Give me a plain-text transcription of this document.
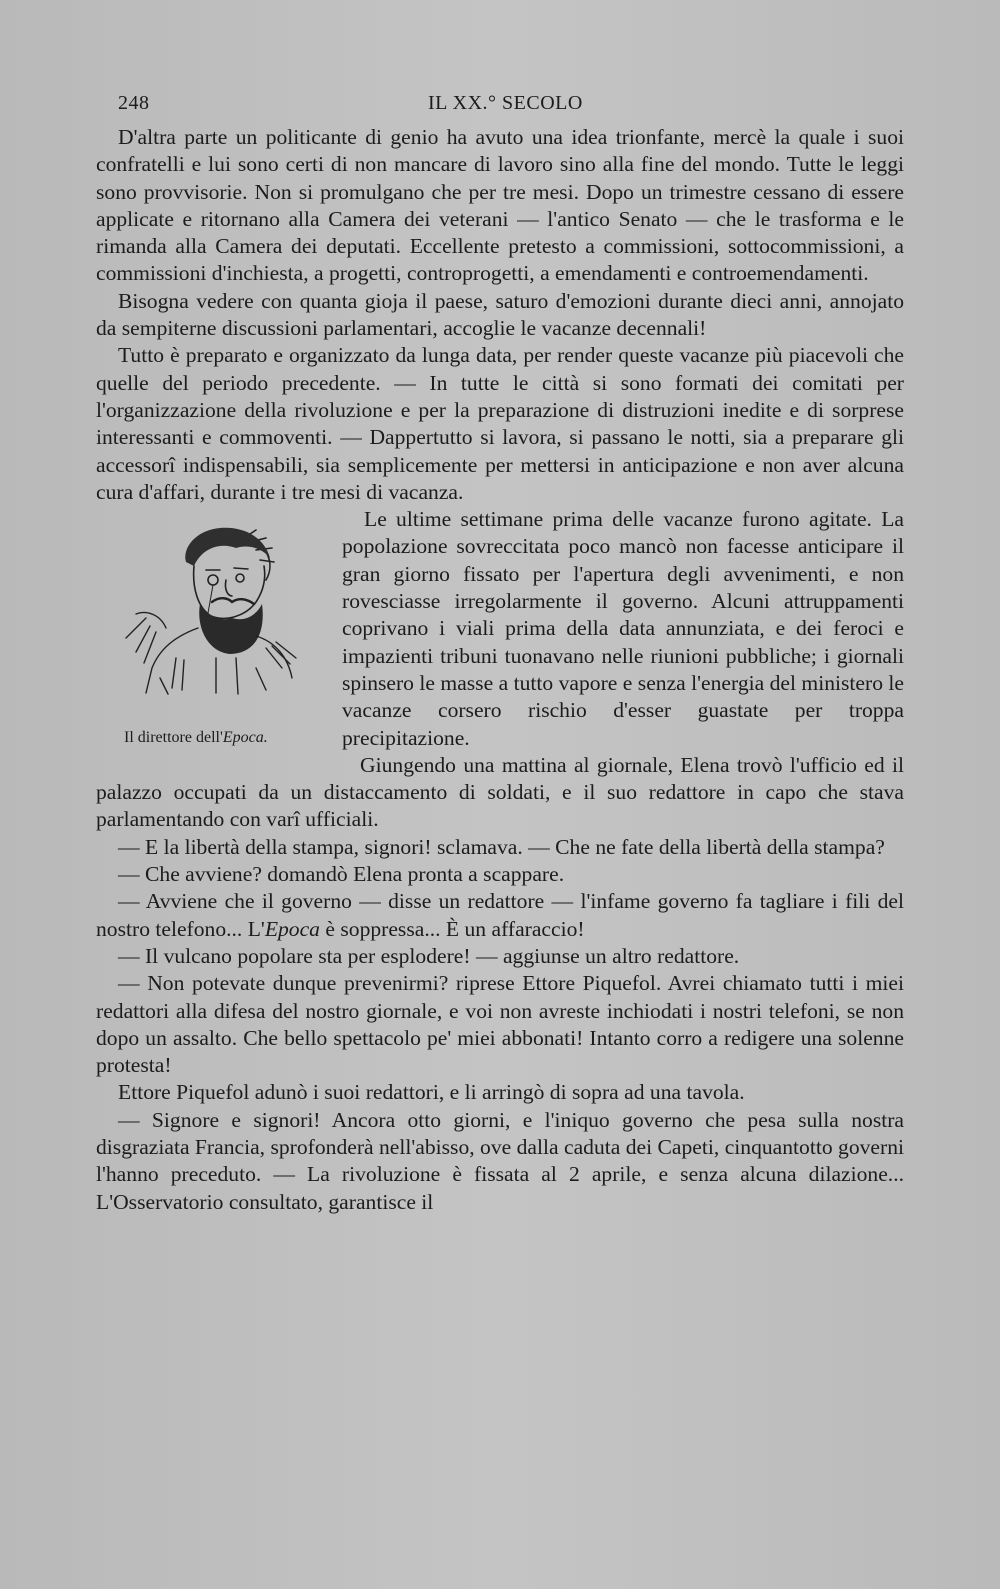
248	IL XX.° SECOLO

D'altra parte un politicante di genio ha avuto una idea trionfante, mercè la quale i suoi confratelli e lui sono certi di non mancare di lavoro sino alla fine del mondo. Tutte le leggi sono provvisorie. Non si promulgano che per tre mesi. Dopo un trimestre cessano di essere applicate e ritornano alla Camera dei veterani — l'antico Senato — che le trasforma e le rimanda alla Camera dei deputati. Eccellente pretesto a commissioni, sottocommissioni, a commissioni d'inchiesta, a progetti, controprogetti, a emendamenti e controemendamenti.

Bisogna vedere con quanta gioja il paese, saturo d'emozioni durante dieci anni, annojato da sempiterne discussioni parlamentari, accoglie le vacanze decennali!

Tutto è preparato e organizzato da lunga data, per render queste vacanze più piacevoli che quelle del periodo precedente. — In tutte le città si sono formati dei comitati per l'organizzazione della rivoluzione e per la preparazione di distruzioni inedite e di sorprese interessanti e commoventi. — Dappertutto si lavora, si passano le notti, sia a preparare gli accessorî indispensabili, sia semplicemente per mettersi in anticipazione e non aver alcuna cura d'affari, durante i tre mesi di vacanza.

Il direttore dell'Epoca.

Le ultime settimane prima delle vacanze furono agitate. La popolazione sovreccitata poco mancò non facesse anticipare il gran giorno fissato per l'apertura degli avvenimenti, e non rovesciasse irregolarmente il governo. Alcuni attruppamenti coprivano i viali prima della data annunziata, e dei feroci e impazienti tribuni tuonavano nelle riunioni pubbliche; i giornali spinsero le masse a tutto vapore e senza l'energia del ministero le vacanze corsero rischio d'esser guastate per troppa precipitazione.

Giungendo una mattina al giornale, Elena trovò l'ufficio ed il palazzo occupati da un distaccamento di soldati, e il suo redattore in capo che stava parlamentando con varî ufficiali.

— E la libertà della stampa, signori! sclamava. — Che ne fate della libertà della stampa?

— Che avviene? domandò Elena pronta a scappare.

— Avviene che il governo — disse un redattore — l'infame governo fa tagliare i fili del nostro telefono... L'Epoca è soppressa... È un affaraccio!

— Il vulcano popolare sta per esplodere! — aggiunse un altro redattore.

— Non potevate dunque prevenirmi? riprese Ettore Piquefol. Avrei chiamato tutti i miei redattori alla difesa del nostro giornale, e voi non avreste inchiodati i nostri telefoni, se non dopo un assalto. Che bello spettacolo pe' miei abbonati! Intanto corro a redigere una solenne protesta!

Ettore Piquefol adunò i suoi redattori, e li arringò di sopra ad una tavola.

— Signore e signori! Ancora otto giorni, e l'iniquo governo che pesa sulla nostra disgraziata Francia, sprofonderà nell'abisso, ove dalla caduta dei Capeti, cinquantotto governi l'hanno preceduto. — La rivoluzione è fissata al 2 aprile, e senza alcuna dilazione... L'Osservatorio consultato, garantisce il
